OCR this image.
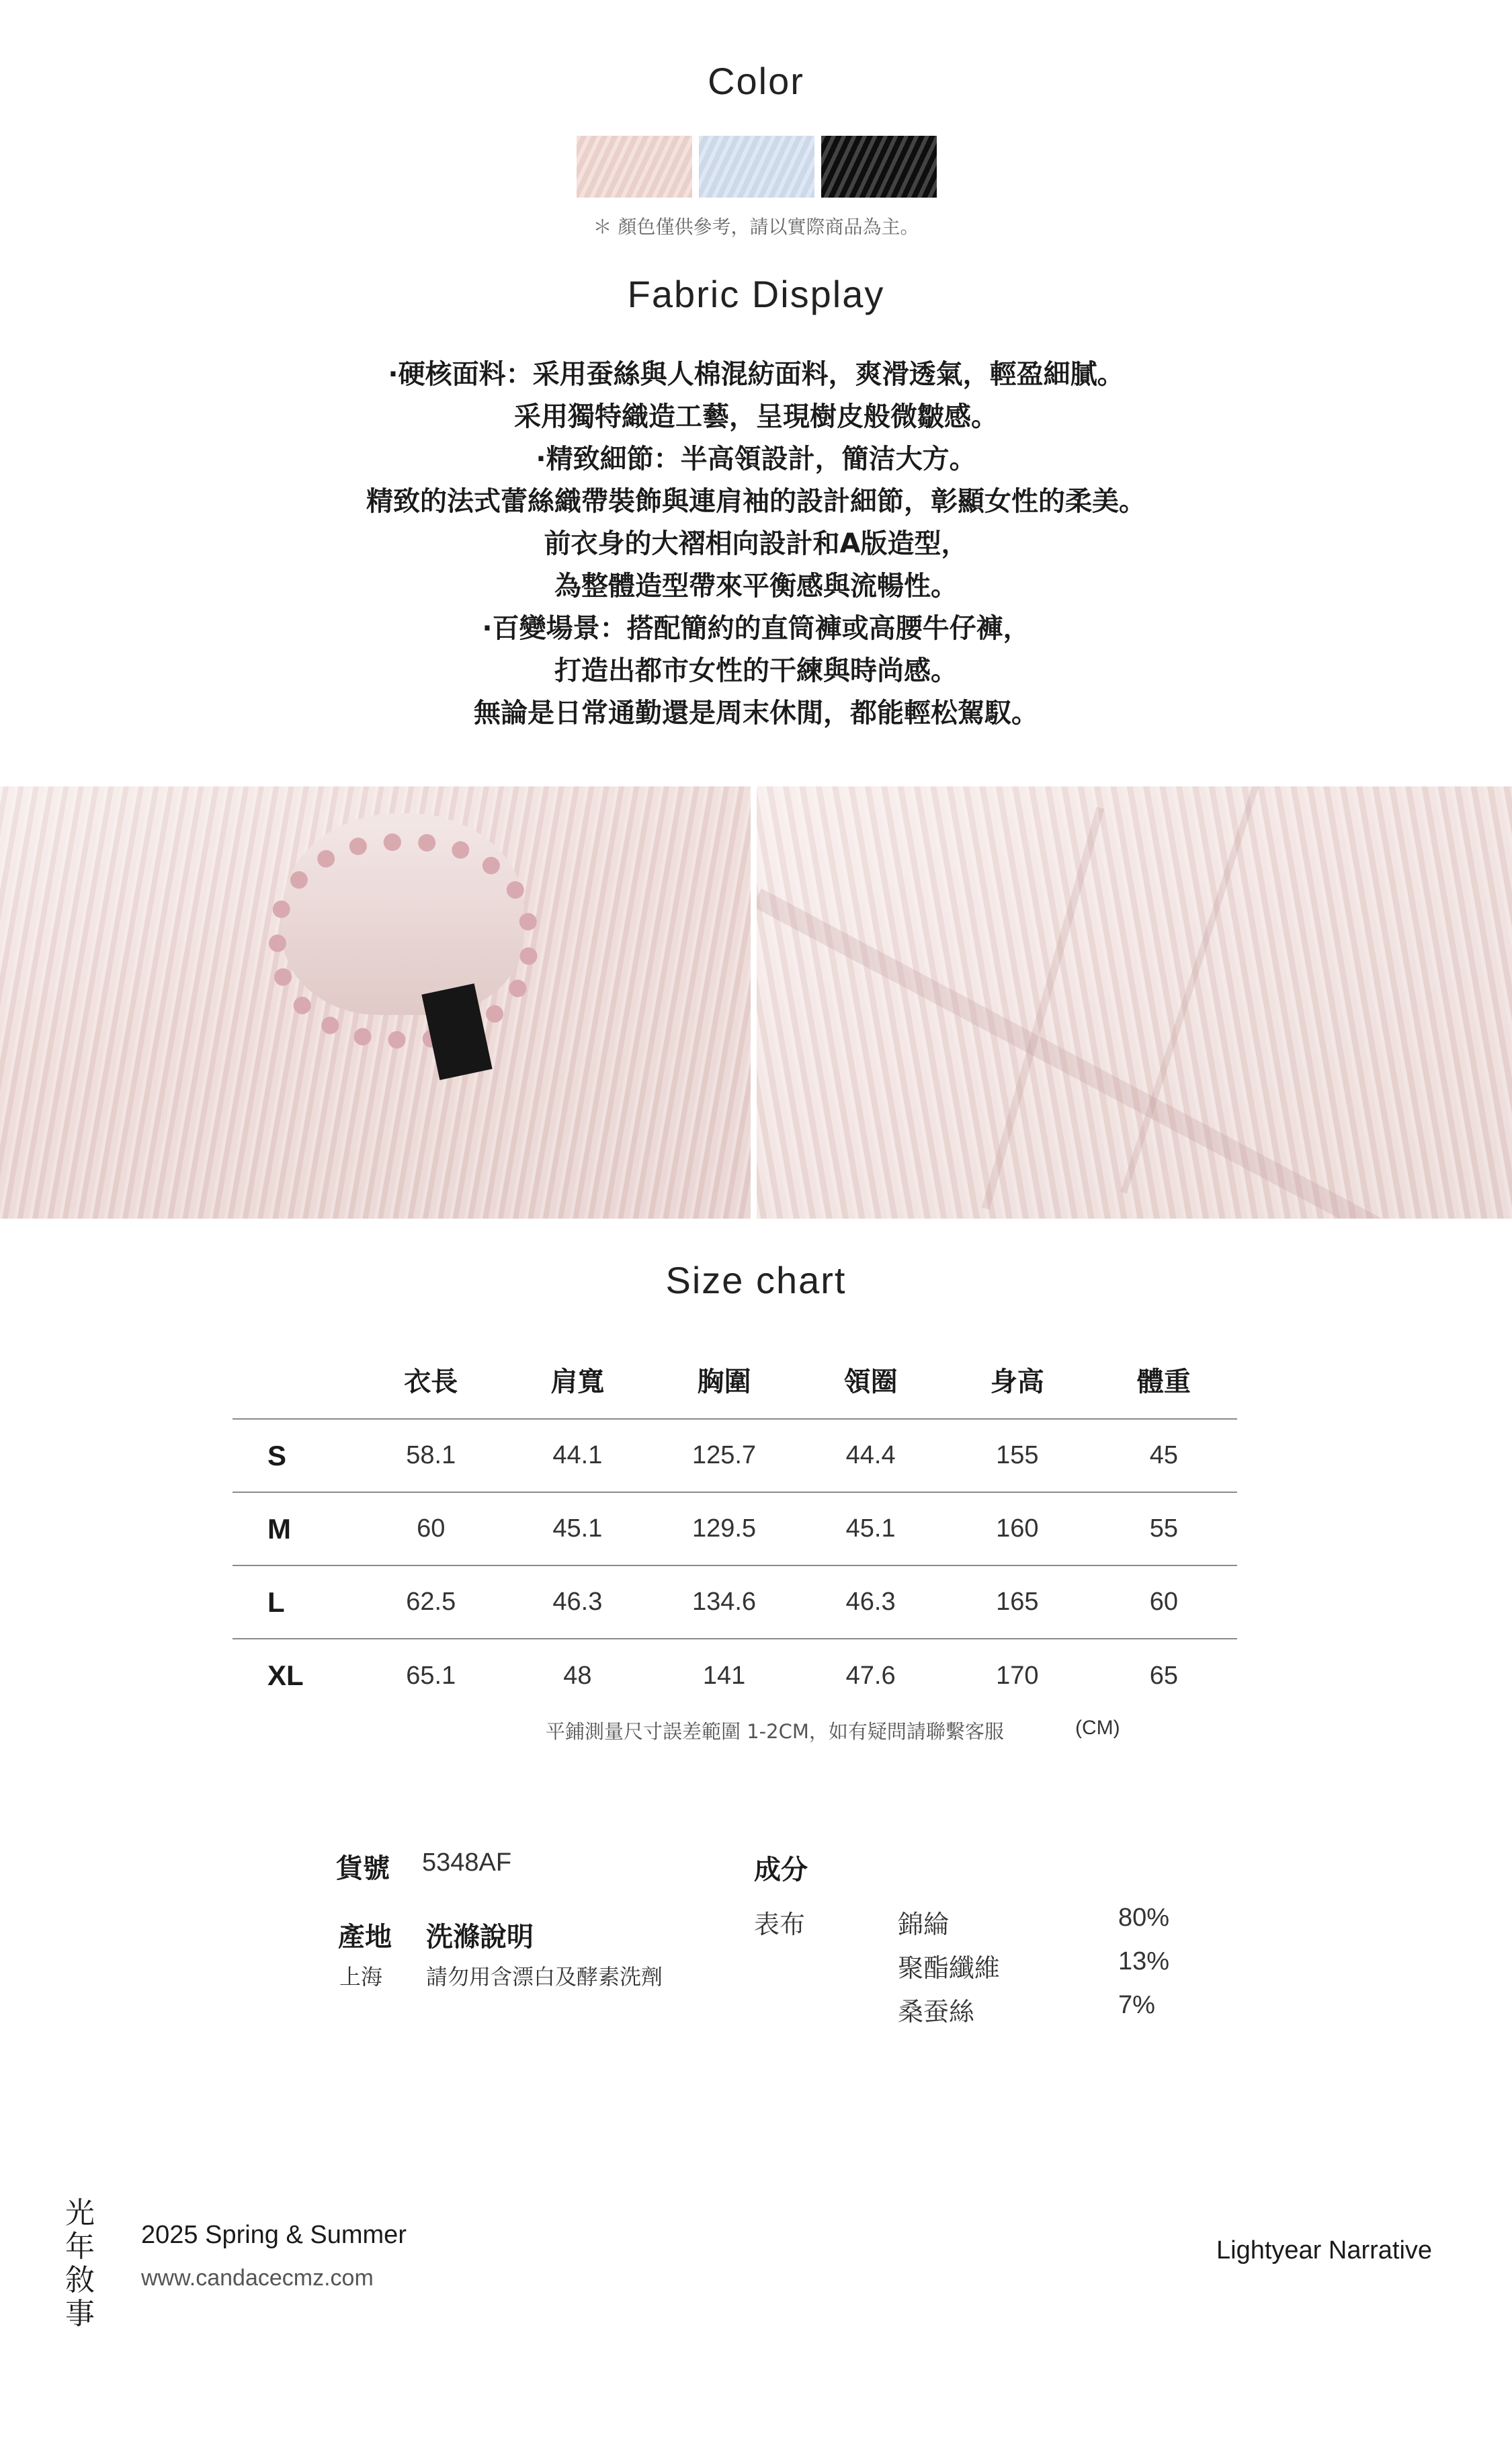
Color
＊ 顏色僅供參考，請以實際商品為主。
Fabric Display
·硬核面料：采用蚕絲與人棉混紡面料，爽滑透氣，輕盈細膩。
采用獨特織造工藝，呈現樹皮般微皺感。
·精致細節：半高領設計，簡洁大方。
精致的法式蕾絲織帶裝飾與連肩袖的設計細節，彰顯女性的柔美。
前衣身的大褶相向設計和A版造型，
為整體造型帶來平衡感與流暢性。
·百變場景：搭配簡約的直筒褲或高腰牛仔褲，
打造出都市女性的干練與時尚感。
無論是日常通勤還是周末休閒，都能輕松駕馭。
Size chart
	衣長	肩寬	胸圍	領圈	身高	體重
S	58.1	44.1	125.7	44.4	155	45
M	60	45.1	129.5	45.1	160	55
L	62.5	46.3	134.6	46.3	165	60
XL	65.1	48	141	47.6	170	65
平鋪測量尺寸誤差範圍 1-2CM，如有疑問請聯繫客服	(CM)
貨號 5348AF
產地 洗滌說明
上海 請勿用含漂白及酵素洗劑
成分
表布	錦綸	80%
聚酯纖維	13%
桑蚕絲	7%
光
年
敘
事
2025 Spring & Summer
www.candacecmz.com
Lightyear Narrative
